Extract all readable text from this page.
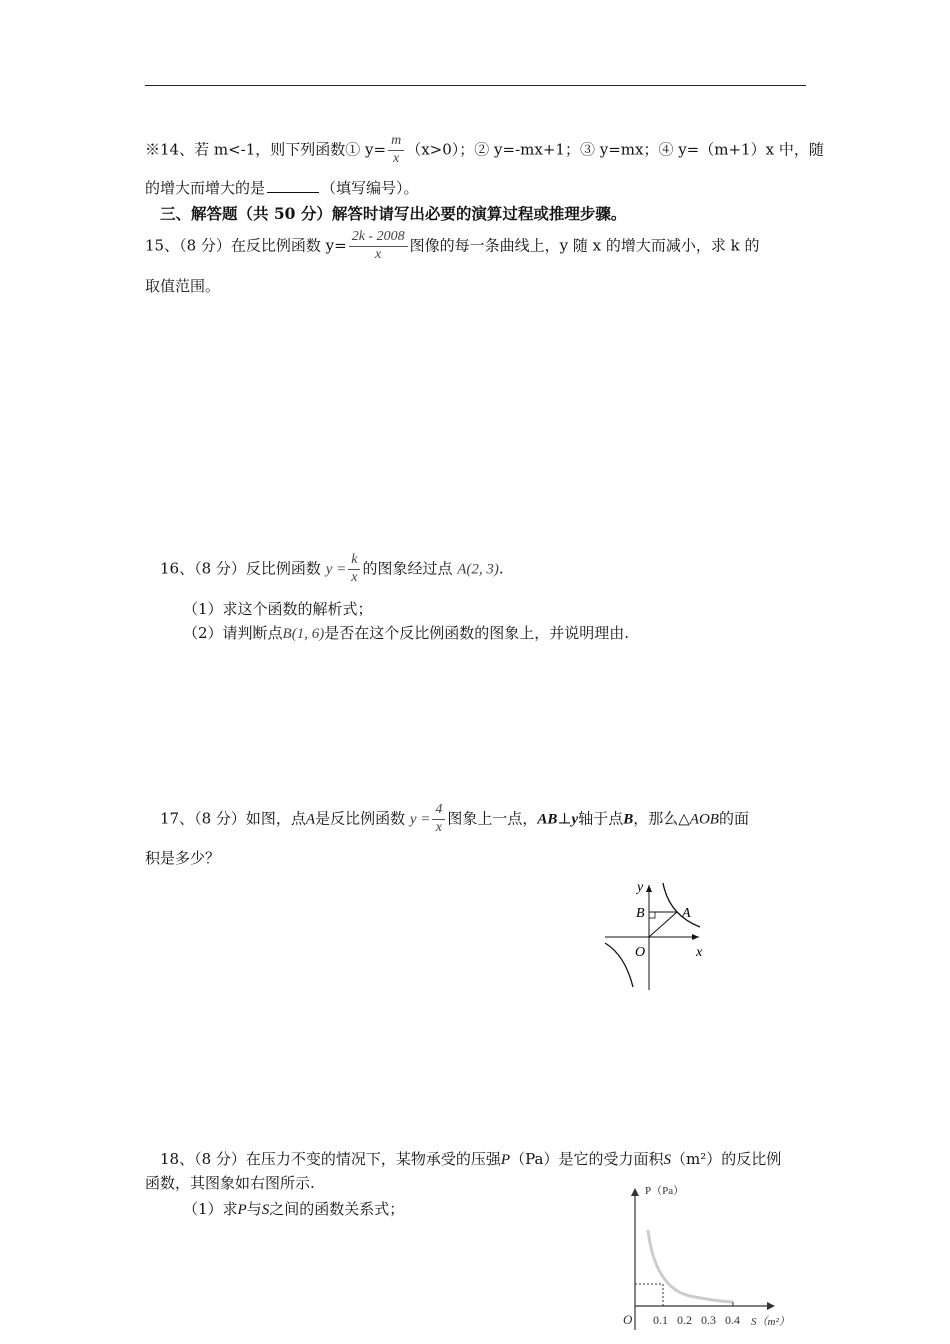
※14、若 m<-1，则下列函数① $y= \frac{m}{x} (x>0)$；② y=-mx+1；③ y=mx；④ y=（m+1）x 中，随
的增大而增大的是	（填写编号）。
三、解答题（共 50 分）解答时请写出必要的演算过程或推理步骤。
15、（8 分）在反比例函数 $y= \frac{2k - 2008}{x}$ 图像的每一条曲线上，y 随 x 的增大而减小，求 k 的
取值范围。
16、（8 分）反比例函数 $y = \frac{k}{x}$ 的图象经过点 A(2, 3).
（1）求这个函数的解析式；
（2）请判断点B(1, 6)是否在这个反比例函数的图象上，并说明理由.
17、（8 分）如图，点A是反比例函数 $y = \frac{4}{x}$ 图象上一点，AB⊥y轴于点B，那么△AOB的面
积是多少？
y
x
O
B	A
18、（8 分）在压力不变的情况下，某物承受的压强P（Pa）是它的受力面积S（m²）的反比例
函数，其图象如右图所示.
（1）求P与S之间的函数关系式；
P（Pa）
O 0.1 0.2 0.3 0.4 S（m²）
